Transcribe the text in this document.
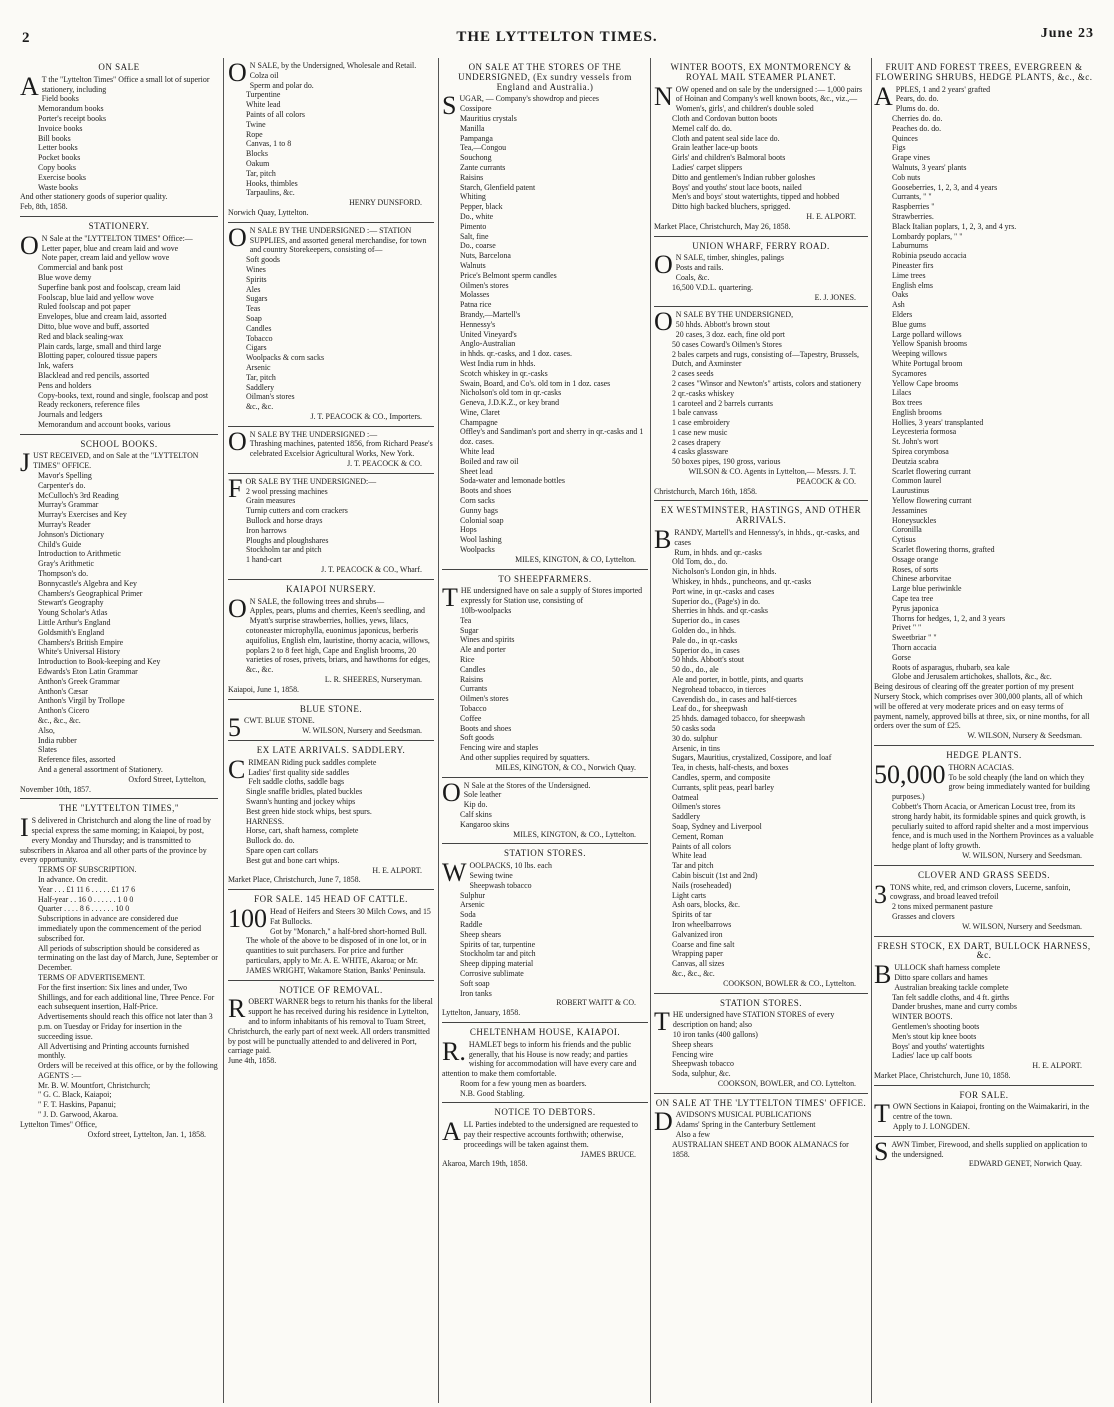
2	THE LYTTELTON TIMES.	June 23
ON SALE
A T the "Lyttelton Times" Office a small lot of superior stationery, including
Field books
Memorandum books
Porter's receipt books
Invoice books
Bill books
Letter books
Pocket books
Copy books
Exercise books
Waste books
And other stationery goods of superior quality.
Feb, 8th, 1858.
STATIONERY.
O N Sale at the "LYTTELTON TIMES" Office:—
Letter paper, blue and cream laid and wove
Note paper, cream laid and yellow wove
Commercial and bank post
Blue wove demy
Superfine bank post and foolscap, cream laid
Foolscap, blue laid and yellow wove
Ruled foolscap and pot paper
Envelopes, blue and cream laid, assorted
Ditto, blue wove and buff, assorted
Red and black sealing-wax
Plain cards, large, small and third large
Blotting paper, coloured tissue papers
Ink, wafers
Blacklead and red pencils, assorted
Pens and holders
Copy-books, text, round and single, foolscap and post
Ready reckoners, reference files
Journals and ledgers
Memorandum and account books, various
SCHOOL BOOKS.
JUST RECEIVED, and on Sale at the "LYTTELTON TIMES" OFFICE.
Mavor's Spelling
Carpenter's do.
McCulloch's 3rd Reading
Murray's Grammar
Murray's Exercises and Key
Murray's Reader
Johnson's Dictionary
Child's Guide
Introduction to Arithmetic
Gray's Arithmetic
Thompson's do.
Bonnycastle's Algebra and Key
Chambers's Geographical Primer
Stewart's Geography
Young Scholar's Atlas
Little Arthur's England
Goldsmith's England
Chambers's British Empire
White's Universal History
Introduction to Book-keeping and Key
Edwards's Eton Latin Grammar
Anthon's Greek Grammar
Anthon's Cæsar
Anthon's Virgil by Trollope
Anthon's Cicero
&c., &c., &c.
Also,
India rubber
Slates
Reference files, assorted
And a general assortment of Stationery.
Oxford Street, Lyttelton,
November 10th, 1857.
THE "LYTTELTON TIMES,"
I S delivered in Christchurch and along the line of road by special express the same morning; in Kaiapoi, by post, every Monday and Thursday; and is transmitted to subscribers in Akaroa and all other parts of the province by every opportunity.
TERMS OF SUBSCRIPTION.
In advance. On credit.
Year . . . £1 11 6 . . . . . £1 17 6
Half-year . . 16 0 . . . . . . 1 0 0
Quarter . . . . 8 6 . . . . . . 10 0
Subscriptions in advance are considered due immediately upon the commencement of the period subscribed for.
All periods of subscription should be considered as terminating on the last day of March, June, September or December.
TERMS OF ADVERTISEMENT.
For the first insertion: Six lines and under, Two Shillings, and for each additional line, Three Pence. For each subsequent insertion, Half-Price.
Advertisements should reach this office not later than 3 p.m. on Tuesday or Friday for insertion in the succeeding issue.
All Advertising and Printing accounts furnished monthly.
Orders will be received at this office, or by the following
AGENTS :—
Mr. B. W. Mountfort, Christchurch;
" G. C. Black, Kaiapoi;
" F. T. Haskins, Papanui;
" J. D. Garwood, Akaroa.
Lyttelton Times" Office,
Oxford street, Lyttelton, Jan. 1, 1858.
O N SALE, by the Undersigned, Wholesale and Retail.
Colza oil
Sperm and polar do.
Turpentine
White lead
Paints of all colors
Twine
Rope
Canvas, 1 to 8
Blocks
Oakum
Tar, pitch
Hooks, thimbles
Tarpaulins, &c.
HENRY DUNSFORD.
Norwich Quay, Lyttelton.
O N SALE BY THE UNDERSIGNED :— STATION SUPPLIES, and assorted general merchandise, for town and country Storekeepers, consisting of—
Soft goods
Wines
Spirits
Ales
Sugars
Teas
Soap
Candles
Tobacco
Cigars
Woolpacks & corn sacks
Arsenic
Tar, pitch
Saddlery
Oilman's stores
&c., &c.
J. T. PEACOCK & CO., Importers.
O N SALE BY THE UNDERSIGNED :—
Thrashing machines, patented 1856, from Richard Pease's celebrated Excelsior Agricultural Works, New York.
J. T. PEACOCK & CO.
FOR SALE BY THE UNDERSIGNED:—
2 wool pressing machines
Grain measures
Turnip cutters and corn crackers
Bullock and horse drays
Iron harrows
Ploughs and ploughshares
Stockholm tar and pitch
1 hand-cart
J. T. PEACOCK & CO., Wharf.
KAIAPOI NURSERY.
O N SALE, the following trees and shrubs—
Apples, pears, plums and cherries, Keen's seedling, and Myatt's surprise strawberries, hollies, yews, lilacs, cotoneaster microphylla, euonimus japonicus, berberis aquifolius, English elm, lauristine, thorny acacia, willows, poplars 2 to 8 feet high, Cape and English brooms, 20 varieties of roses, privets, briars, and hawthorns for edges, &c., &c.
L. R. SHEERES, Nurseryman.
Kaiapoi, June 1, 1858.
BLUE STONE.
5 CWT. BLUE STONE.
W. WILSON, Nursery and Seedsman.
EX LATE ARRIVALS. SADDLERY.
CRIMEAN Riding puck saddles complete
Ladies' first quality side saddles
Felt saddle cloths, saddle bags
Single snaffle bridles, plated buckles
Swann's hunting and jockey whips
Best green hide stock whips, best spurs.
HARNESS.
Horse, cart, shaft harness, complete
Bullock do. do.
Spare open cart collars
Best gut and bone cart whips.
H. E. ALPORT.
Market Place, Christchurch, June 7, 1858.
FOR SALE. 145 HEAD OF CATTLE.
100 Head of Heifers and Steers 30 Milch Cows, and 15 Fat Bullocks.
Got by "Monarch," a half-bred short-horned Bull. The whole of the above to be disposed of in one lot, or in quantities to suit purchasers. For price and further particulars, apply to Mr. A. E. WHITE, Akaroa; or Mr. JAMES WRIGHT, Wakamore Station, Banks' Peninsula.
NOTICE OF REMOVAL.
ROBERT WARNER begs to return his thanks for the liberal support he has received during his residence in Lyttelton, and to inform inhabitants of his removal to Tuam Street, Christchurch, the early part of next week. All orders transmitted by post will be punctually attended to and delivered in Port, carriage paid.
June 4th, 1858.
ON SALE AT THE STORES OF THE UNDERSIGNED, (Ex sundry vessels from England and Australia.)
SUGAR, — Company's showdrop and pieces
Cossipore
Mauritius crystals
Manilla
Pampanga
Tea,—Congou
Souchong
Zante currants
Raisins
Starch, Glenfield patent
Whiting
Pepper, black
Do., white
Pimento
Salt, fine
Do., coarse
Nuts, Barcelona
Walnuts
Price's Belmont sperm candles
Oilmen's stores
Molasses
Patna rice
Brandy,—Martell's
Hennessy's
United Vineyard's
Anglo-Australian
in hhds. qr.-casks, and 1 doz. cases.
West India rum in hhds.
Scotch whiskey in qr.-casks
Swain, Board, and Co's. old tom in 1 doz. cases
Nicholson's old tom in qr.-casks
Geneva, J.D.K.Z., or key brand
Wine, Claret
Champagne
Offley's and Sandiman's port and sherry in qr.-casks and 1 doz. cases.
White lead
Boiled and raw oil
Sheet lead
Soda-water and lemonade bottles
Boots and shoes
Corn sacks
Gunny bags
Colonial soap
Hops
Wool lashing
Woolpacks
MILES, KINGTON, & CO, Lyttelton.
TO SHEEPFARMERS.
THE undersigned have on sale a supply of Stores imported expressly for Station use, consisting of
10lb-woolpacks
Tea
Sugar
Wines and spirits
Ale and porter
Rice
Candles
Raisins
Currants
Oilmen's stores
Tobacco
Coffee
Boots and shoes
Soft goods
Fencing wire and staples
And other supplies required by squatters.
MILES, KINGTON, & CO., Norwich Quay.
O N Sale at the Stores of the Undersigned.
Sole leather
Kip do.
Calf skins
Kangaroo skins
MILES, KINGTON, & CO., Lyttelton.
STATION STORES.
WOOLPACKS, 10 lbs. each
Sewing twine
Sheepwash tobacco
Sulphur
Arsenic
Soda
Raddle
Sheep shears
Spirits of tar, turpentine
Stockholm tar and pitch
Sheep dipping material
Corrosive sublimate
Soft soap
Iron tanks
ROBERT WAITT & CO.
Lyttelton, January, 1858.
CHELTENHAM HOUSE, KAIAPOI.
R. HAMLET begs to inform his friends and the public generally, that his House is now ready; and parties wishing for accommodation will have every care and attention to make them comfortable.
Room for a few young men as boarders.
N.B. Good Stabling.
NOTICE TO DEBTORS.
ALL Parties indebted to the undersigned are requested to pay their respective accounts forthwith; otherwise, proceedings will be taken against them.
JAMES BRUCE.
Akaroa, March 19th, 1858.
WINTER BOOTS, EX MONTMORENCY & ROYAL MAIL STEAMER PLANET.
NOW opened and on sale by the undersigned :— 1,000 pairs of Hoinan and Company's well known boots, &c., viz.,—
Women's, girls', and children's double soled
Cloth and Cordovan button boots
Memel calf do. do.
Cloth and patent seal side lace do.
Grain leather lace-up boots
Girls' and children's Balmoral boots
Ladies' carpet slippers
Ditto and gentlemen's Indian rubber goloshes
Boys' and youths' stout lace boots, nailed
Men's and boys' stout watertights, tipped and hobbed
Ditto high backed bluchers, sprigged.
H. E. ALPORT.
Market Place, Christchurch, May 26, 1858.
UNION WHARF, FERRY ROAD.
O N SALE, timber, shingles, palings
Posts and rails.
Coals, &c.
16,500 V.D.L. quartering.
E. J. JONES.
O N SALE BY THE UNDERSIGNED,
50 hhds. Abbott's brown stout
20 cases, 3 doz. each, fine old port
50 cases Coward's Oilmen's Stores
2 bales carpets and rugs, consisting of—Tapestry, Brussels, Dutch, and Axminster
2 cases seeds
2 cases "Winsor and Newton's" artists, colors and stationery
2 qr.-casks whiskey
1 caroteel and 2 barrels currants
1 bale canvass
1 case embroidery
1 case new music
2 cases drapery
4 casks glassware
50 boxes pipes, 190 gross, various
WILSON & CO. Agents in Lyttelton,— Messrs. J. T. PEACOCK & CO.
Christchurch, March 16th, 1858.
EX WESTMINSTER, HASTINGS, AND OTHER ARRIVALS.
BRANDY, Martell's and Hennessy's, in hhds., qr.-casks, and cases
Rum, in hhds. and qr.-casks
Old Tom, do., do.
Nicholson's London gin, in hhds.
Whiskey, in hhds., puncheons, and qr.-casks
Port wine, in qr.-casks and cases
Superior do., (Page's) in do.
Sherries in hhds. and qr.-casks
Superior do., in cases
Golden do., in hhds.
Pale do., in qr.-casks
Superior do., in cases
50 hhds. Abbott's stout
50 do., do., ale
Ale and porter, in bottle, pints, and quarts
Negrohead tobacco, in tierces
Cavendish do., in cases and half-tierces
Leaf do., for sheepwash
25 hhds. damaged tobacco, for sheepwash
50 casks soda
30 do. sulphur
Arsenic, in tins
Sugars, Mauritius, crystalized, Cossipore, and loaf
Tea, in chests, half-chests, and boxes
Candles, sperm, and composite
Currants, split peas, pearl barley
Oatmeal
Oilmen's stores
Saddlery
Soap, Sydney and Liverpool
Cement, Roman
Paints of all colors
White lead
Tar and pitch
Cabin biscuit (1st and 2nd)
Nails (roseheaded)
Light carts
Ash oars, blocks, &c.
Spirits of tar
Iron wheelbarrows
Galvanized iron
Coarse and fine salt
Wrapping paper
Canvas, all sizes
&c., &c., &c.
COOKSON, BOWLER & CO., Lyttelton.
STATION STORES.
THE undersigned have STATION STORES of every description on hand; also
10 iron tanks (400 gallons)
Sheep shears
Fencing wire
Sheepwash tobacco
Soda, sulphur, &c.
COOKSON, BOWLER, and CO. Lyttelton.
ON SALE AT THE 'LYTTELTON TIMES' OFFICE.
DAVIDSON'S MUSICAL PUBLICATIONS
Adams' Spring in the Canterbury Settlement
Also a few
AUSTRALIAN SHEET AND BOOK ALMANACS for 1858.
FRUIT AND FOREST TREES, EVERGREEN & FLOWERING SHRUBS, HEDGE PLANTS, &c., &c.
APPLES, 1 and 2 years' grafted
Pears, do. do.
Plums do. do.
Cherries do. do.
Peaches do. do.
Quinces
Figs
Grape vines
Walnuts, 3 years' plants
Cob nuts
Gooseberries, 1, 2, 3, and 4 years
Currants, " "
Raspberries "
Strawberries.
Black Italian poplars, 1, 2, 3, and 4 yrs.
Lombardy poplars, " "
Laburnums
Robinia pseudo accacia
Pineaster firs
Lime trees
English elms
Oaks
Ash
Elders
Blue gums
Large pollard willows
Yellow Spanish brooms
Weeping willows
White Portugal broom
Sycamores
Yellow Cape brooms
Lilacs
Box trees
English brooms
Hollies, 3 years' transplanted
Leycesteria formosa
St. John's wort
Spirea corymbosa
Deutzia scabra
Scarlet flowering currant
Common laurel
Laurustinus
Yellow flowering currant
Jessamines
Honeysuckles
Coronilla
Cytisus
Scarlet flowering thorns, grafted
Ossage orange
Roses, of sorts
Chinese arborvitae
Large blue periwinkle
Cape tea tree
Pyrus japonica
Thorns for hedges, 1, 2, and 3 years
Privet " "
Sweetbriar " "
Thorn accacia
Gorse
Roots of asparagus, rhubarb, sea kale
Globe and Jerusalem artichokes, shallots, &c., &c.
Being desirous of clearing off the greater portion of my present Nursery Stock, which comprises over 300,000 plants, all of which will be offered at very moderate prices and on easy terms of payment, namely, approved bills at three, six, or nine months, for all orders over the sum of £25.
W. WILSON, Nursery & Seedsman.
HEDGE PLANTS.
50,000 THORN ACACIAS.
To be sold cheaply (the land on which they grow being immediately wanted for building purposes.)
Cobbett's Thorn Acacia, or American Locust tree, from its strong hardy habit, its formidable spines and quick growth, is peculiarly suited to afford rapid shelter and a most impervious fence, and is much used in the Northern Provinces as a valuable hedge plant of lofty growth.
W. WILSON, Nursery and Seedsman.
CLOVER AND GRASS SEEDS.
3 TONS white, red, and crimson clovers, Lucerne, sanfoin, cowgrass, and broad leaved trefoil
2 tons mixed permanent pasture
Grasses and clovers
W. WILSON, Nursery and Seedsman.
FRESH STOCK, EX DART, BULLOCK HARNESS, &c.
BULLOCK shaft harness complete
Ditto spare collars and hames
Australian breaking tackle complete
Tan felt saddle cloths, and 4 ft. girths
Dander brushes, mane and curry combs
WINTER BOOTS.
Gentlemen's shooting boots
Men's stout kip knee boots
Boys' and youths' watertights
Ladies' lace up calf boots
H. E. ALPORT.
Market Place, Christchurch, June 10, 1858.
FOR SALE.
TOWN Sections in Kaiapoi, fronting on the Waimakariri, in the centre of the town.
Apply to J. LONGDEN.
SAWN Timber, Firewood, and shells supplied on application to the undersigned.
EDWARD GENET, Norwich Quay.
